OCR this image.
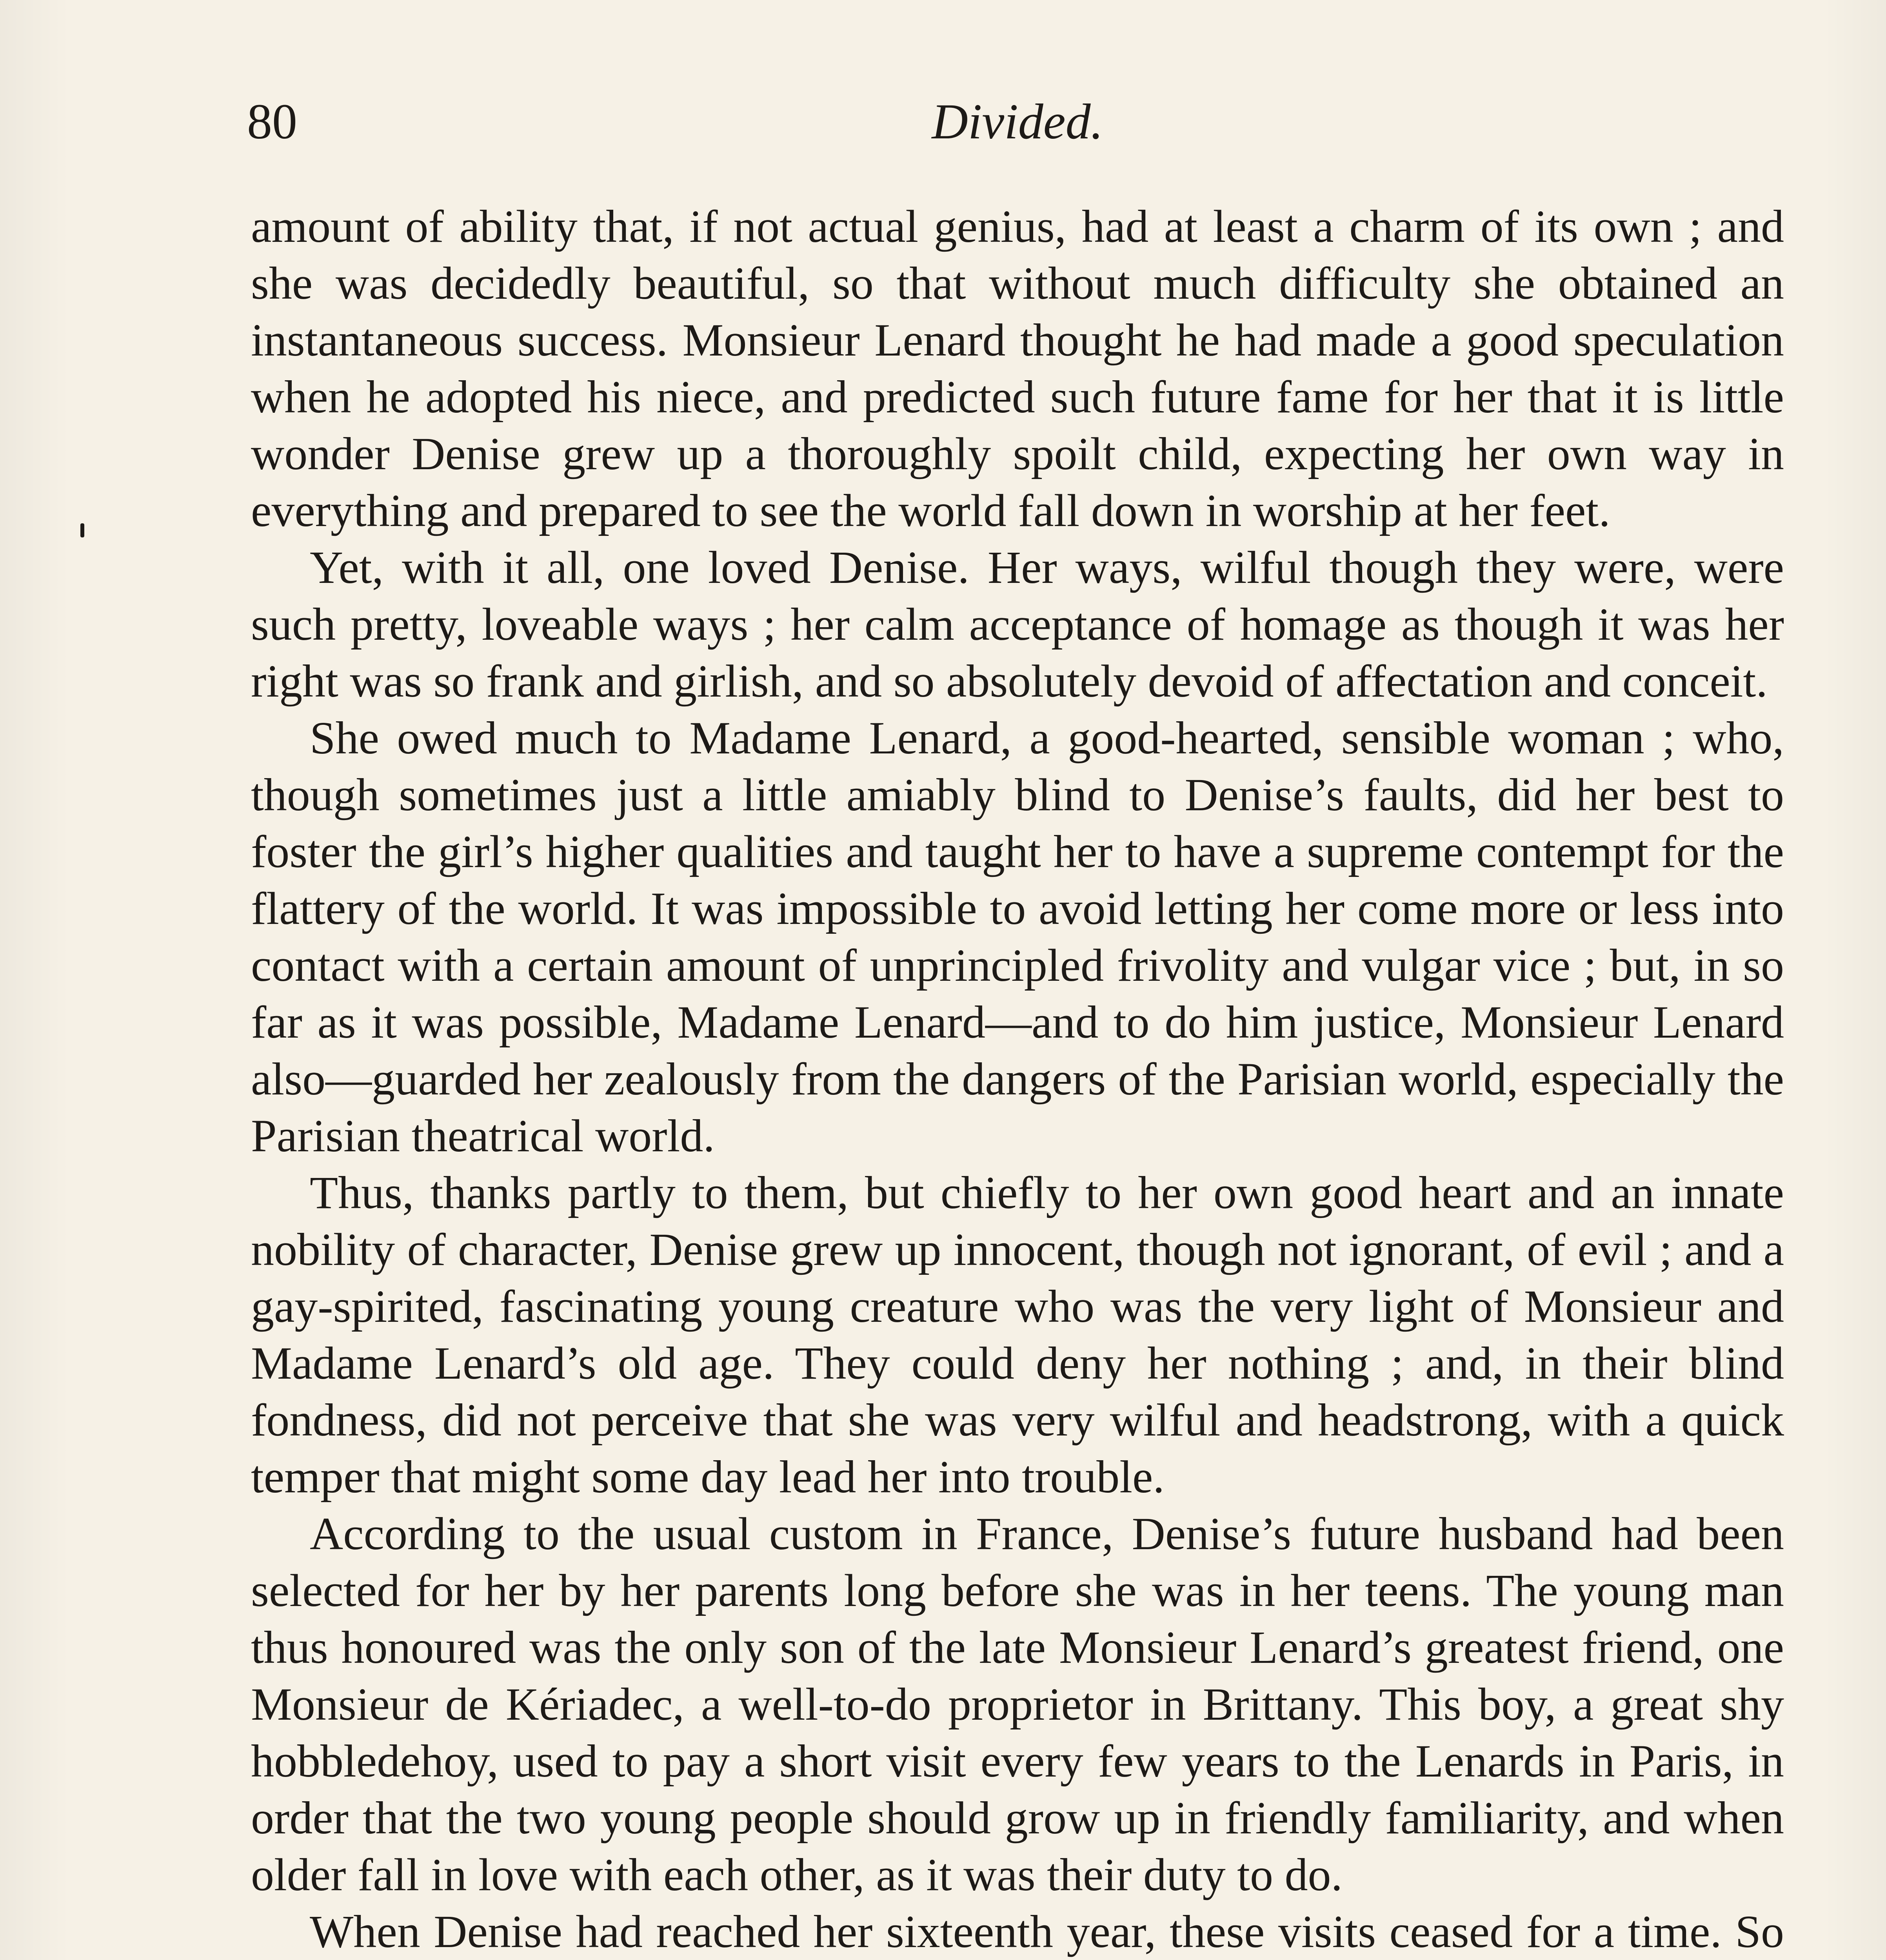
80	Divided.

amount of ability that, if not actual genius, had at least a charm of its own ; and she was decidedly beautiful, so that without much difficulty she obtained an instantaneous success. Monsieur Lenard thought he had made a good speculation when he adopted his niece, and predicted such future fame for her that it is little wonder Denise grew up a thoroughly spoilt child, expecting her own way in everything and prepared to see the world fall down in worship at her feet.

Yet, with it all, one loved Denise. Her ways, wilful though they were, were such pretty, loveable ways ; her calm acceptance of homage as though it was her right was so frank and girlish, and so absolutely devoid of affectation and conceit.

She owed much to Madame Lenard, a good-hearted, sensible woman ; who, though sometimes just a little amiably blind to Denise’s faults, did her best to foster the girl’s higher qualities and taught her to have a supreme contempt for the flattery of the world. It was impossible to avoid letting her come more or less into contact with a certain amount of unprincipled frivolity and vulgar vice ; but, in so far as it was possible, Madame Lenard—and to do him justice, Monsieur Lenard also—guarded her zealously from the dangers of the Parisian world, especially the Parisian theatrical world.

Thus, thanks partly to them, but chiefly to her own good heart and an innate nobility of character, Denise grew up innocent, though not ignorant, of evil ; and a gay-spirited, fascinating young creature who was the very light of Monsieur and Madame Lenard’s old age. They could deny her nothing ; and, in their blind fondness, did not perceive that she was very wilful and headstrong, with a quick temper that might some day lead her into trouble.

According to the usual custom in France, Denise’s future husband had been selected for her by her parents long before she was in her teens. The young man thus honoured was the only son of the late Monsieur Lenard’s greatest friend, one Monsieur de Kériadec, a well-to-do proprietor in Brittany. This boy, a great shy hobbledehoy, used to pay a short visit every few years to the Lenards in Paris, in order that the two young people should grow up in friendly familiarity, and when older fall in love with each other, as it was their duty to do.

When Denise had reached her sixteenth year, these visits ceased for a time. So
